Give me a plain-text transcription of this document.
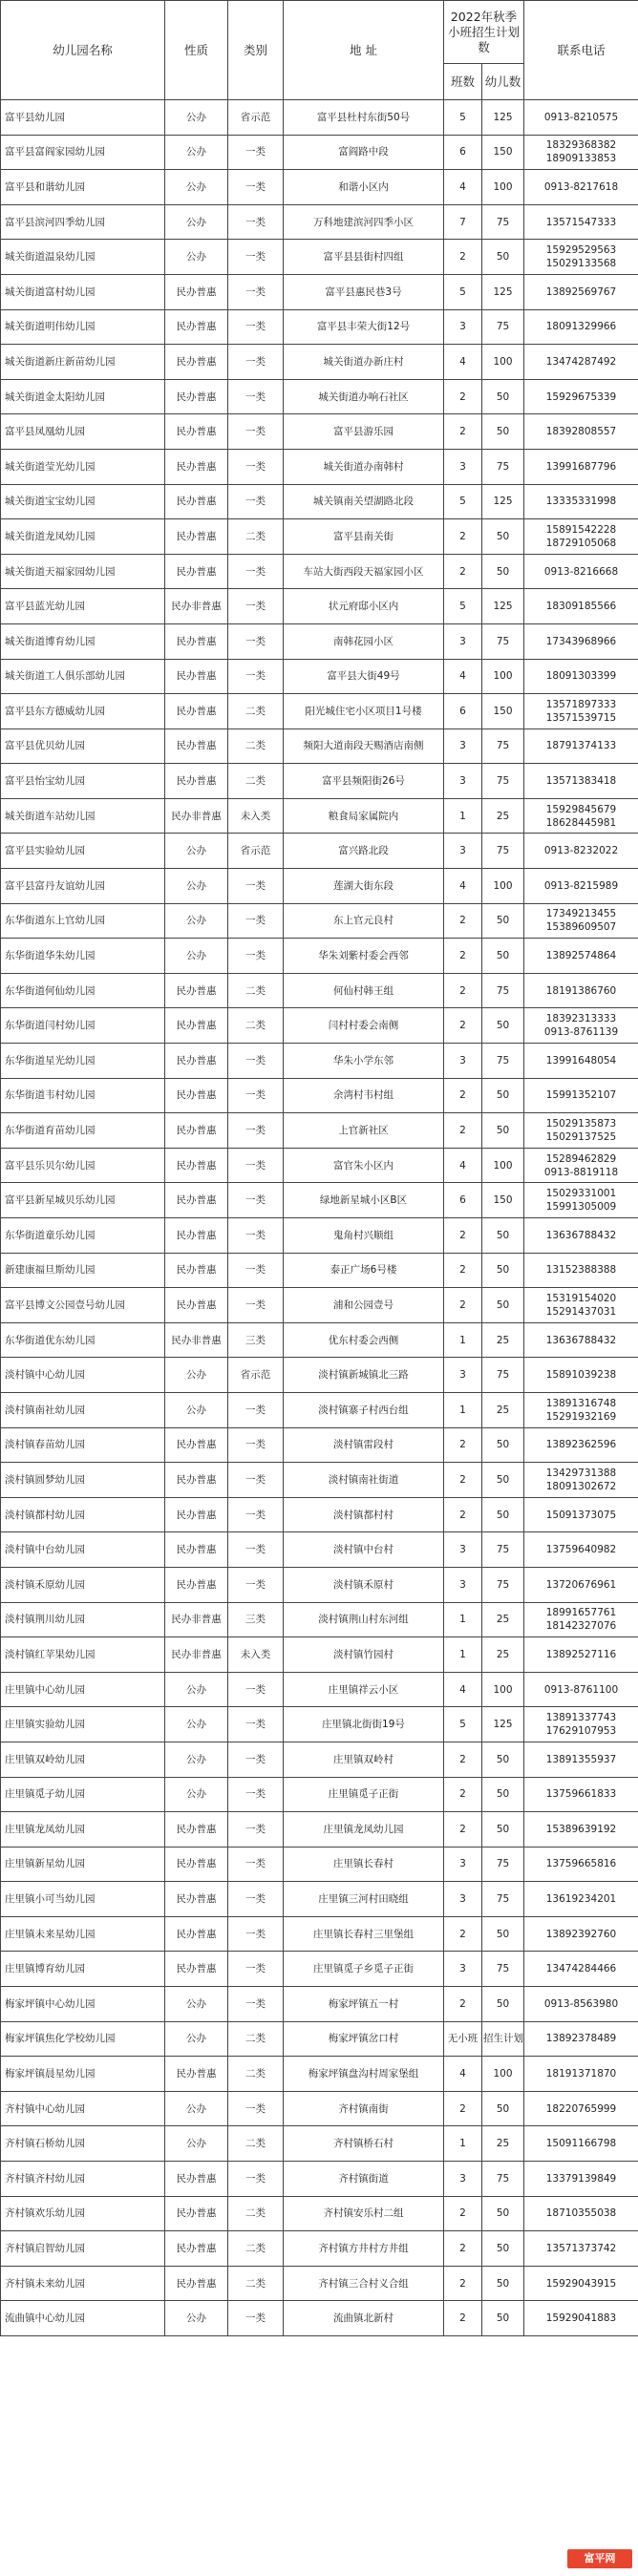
幼儿园名称	性质	类别	地 址	2022年秋季小班招生计划数		联系电话
				班数	幼儿数	
富平县幼儿园	公办	省示范	富平县杜村东街50号	5	125	0913-8210575

富平县富阎家园幼儿园	公办	一类	富阎路中段	6	150	18329368382
18909133853

富平县和谐幼儿园	公办	一类	和谐小区内	4	100	0913-8217618

富平县滨河四季幼儿园	公办	一类	万科地建滨河四季小区	7	75	13571547333

城关街道温泉幼儿园	公办	一类	富平县县街村四组	2	50	15929529563
15029133568

城关街道富村幼儿园	民办普惠	一类	富平县惠民巷3号	5	125	13892569767

城关街道明伟幼儿园	民办普惠	一类	富平县丰荣大街12号	3	75	18091329966

城关街道新庄新苗幼儿园	民办普惠	一类	城关街道办新庄村	4	100	13474287492

城关街道金太阳幼儿园	民办普惠	一类	城关街道办响石社区	2	50	15929675339

富平县凤凰幼儿园	民办普惠	一类	富平县游乐园	2	50	18392808557

城关街道莹光幼儿园	民办普惠	一类	城关街道办南韩村	3	75	13991687796

城关街道宝宝幼儿园	民办普惠	一类	城关镇南关望湖路北段	5	125	13335331998

城关街道龙凤幼儿园	民办普惠	二类	富平县南关街	2	50	15891542228
18729105068

城关街道天福家园幼儿园	民办普惠	一类	车站大街西段天福家园小区	2	50	0913-8216668

富平县蓝光幼儿园	民办非普惠	一类	状元府邸小区内	5	125	18309185566

城关街道博育幼儿园	民办普惠	一类	南韩花园小区	3	75	17343968966

城关街道工人俱乐部幼儿园	民办普惠	一类	富平县大街49号	4	100	18091303399

富平县东方德威幼儿园	民办普惠	二类	阳光城住宅小区项目1号楼	6	150	13571897333
13571539715

富平县优贝幼儿园	民办普惠	二类	频阳大道南段天赐酒店南侧	3	75	18791374133

富平县怡宝幼儿园	民办普惠	二类	富平县频阳街26号	3	75	13571383418

城关街道车站幼儿园	民办非普惠	未入类	粮食局家属院内	1	25	15929845679
18628445981

富平县实验幼儿园	公办	省示范	富兴路北段	3	75	0913-8232022

富平县富丹友谊幼儿园	公办	一类	莲湖大街东段	4	100	0913-8215989

东华街道东上官幼儿园	公办	一类	东上官元良村	2	50	17349213455
15389609507

东华街道华朱幼儿园	公办	一类	华朱刘紫村委会西邻	2	50	13892574864

东华街道何仙幼儿园	民办普惠	二类	何仙村韩王组	2	75	18191386760

东华街道闫村幼儿园	民办普惠	二类	闫村村委会南侧	2	50	18392313333
0913-8761139

东华街道星光幼儿园	民办普惠	一类	华朱小学东邻	3	75	13991648054

东华街道韦村幼儿园	民办普惠	一类	余湾村韦村组	2	50	15991352107

东华街道育苗幼儿园	民办普惠	一类	上官新社区	2	50	15029135873
15029137525

富平县乐贝尔幼儿园	民办普惠	一类	富官朱小区内	4	100	15289462829
0913-8819118

富平县新星城贝乐幼儿园	民办普惠	一类	绿地新星城小区B区	6	150	15029331001
15991305009

东华街道童乐幼儿园	民办普惠	一类	鬼角村兴顺组	2	50	13636788432

新建康福旦斯幼儿园	民办普惠	一类	泰正广场6号楼	2	50	13152388388

富平县博文公园壹号幼儿园	民办普惠	一类	浦和公园壹号	2	50	15319154020
15291437031

东华街道优东幼儿园	民办非普惠	三类	优东村委会西侧	1	25	13636788432

淡村镇中心幼儿园	公办	省示范	淡村镇新城镇北三路	3	75	15891039238

淡村镇南社幼儿园	公办	一类	淡村镇寨子村西台组	1	25	13891316748
15291932169

淡村镇春苗幼儿园	民办普惠	一类	淡村镇雷段村	2	50	13892362596

淡村镇圆梦幼儿园	民办普惠	一类	淡村镇南社街道	2	50	13429731388
18091302672

淡村镇都村幼儿园	民办普惠	一类	淡村镇都村村	2	50	15091373075

淡村镇中台幼儿园	民办普惠	一类	淡村镇中台村	3	75	13759640982

淡村镇禾原幼儿园	民办普惠	一类	淡村镇禾原村	3	75	13720676961

淡村镇荆川幼儿园	民办非普惠	三类	淡村镇荆山村东河组	1	25	18991657761
18142327076

淡村镇红苹果幼儿园	民办非普惠	未入类	淡村镇竹园村	1	25	13892527116

庄里镇中心幼儿园	公办	一类	庄里镇祥云小区	4	100	0913-8761100

庄里镇实验幼儿园	公办	一类	庄里镇北街街19号	5	125	13891337743
17629107953

庄里镇双岭幼儿园	公办	一类	庄里镇双岭村	2	50	13891355937

庄里镇觅子幼儿园	公办	一类	庄里镇觅子正街	2	50	13759661833

庄里镇龙凤幼儿园	民办普惠	一类	庄里镇龙凤幼儿园	2	50	15389639192

庄里镇新星幼儿园	民办普惠	一类	庄里镇长春村	3	75	13759665816

庄里镇小可当幼儿园	民办普惠	一类	庄里镇三河村田晓组	3	75	13619234201

庄里镇未来星幼儿园	民办普惠	一类	庄里镇长春村三里堡组	2	50	13892392760

庄里镇博育幼儿园	民办普惠	一类	庄里镇觅子乡觅子正街	3	75	13474284466

梅家坪镇中心幼儿园	公办	一类	梅家坪镇五一村	2	50	0913-8563980

梅家坪镇焦化学校幼儿园	公办	二类	梅家坪镇岔口村	无小班	招生计划	13892378489

梅家坪镇晨星幼儿园	民办普惠	二类	梅家坪镇盘沟村周家堡组	4	100	18191371870

齐村镇中心幼儿园	公办	一类	齐村镇南街	2	50	18220765999

齐村镇石桥幼儿园	公办	二类	齐村镇桥石村	1	25	15091166798

齐村镇齐村幼儿园	民办普惠	一类	齐村镇街道	3	75	13379139849

齐村镇欢乐幼儿园	民办普惠	二类	齐村镇安乐村二组	2	50	18710355038

齐村镇启智幼儿园	民办普惠	二类	齐村镇方井村方井组	2	50	13571373742

齐村镇未来幼儿园	民办普惠	二类	齐村镇三合村义合组	2	50	15929043915

流曲镇中心幼儿园	公办	一类	流曲镇北新村	2	50	15929041883
富平网
